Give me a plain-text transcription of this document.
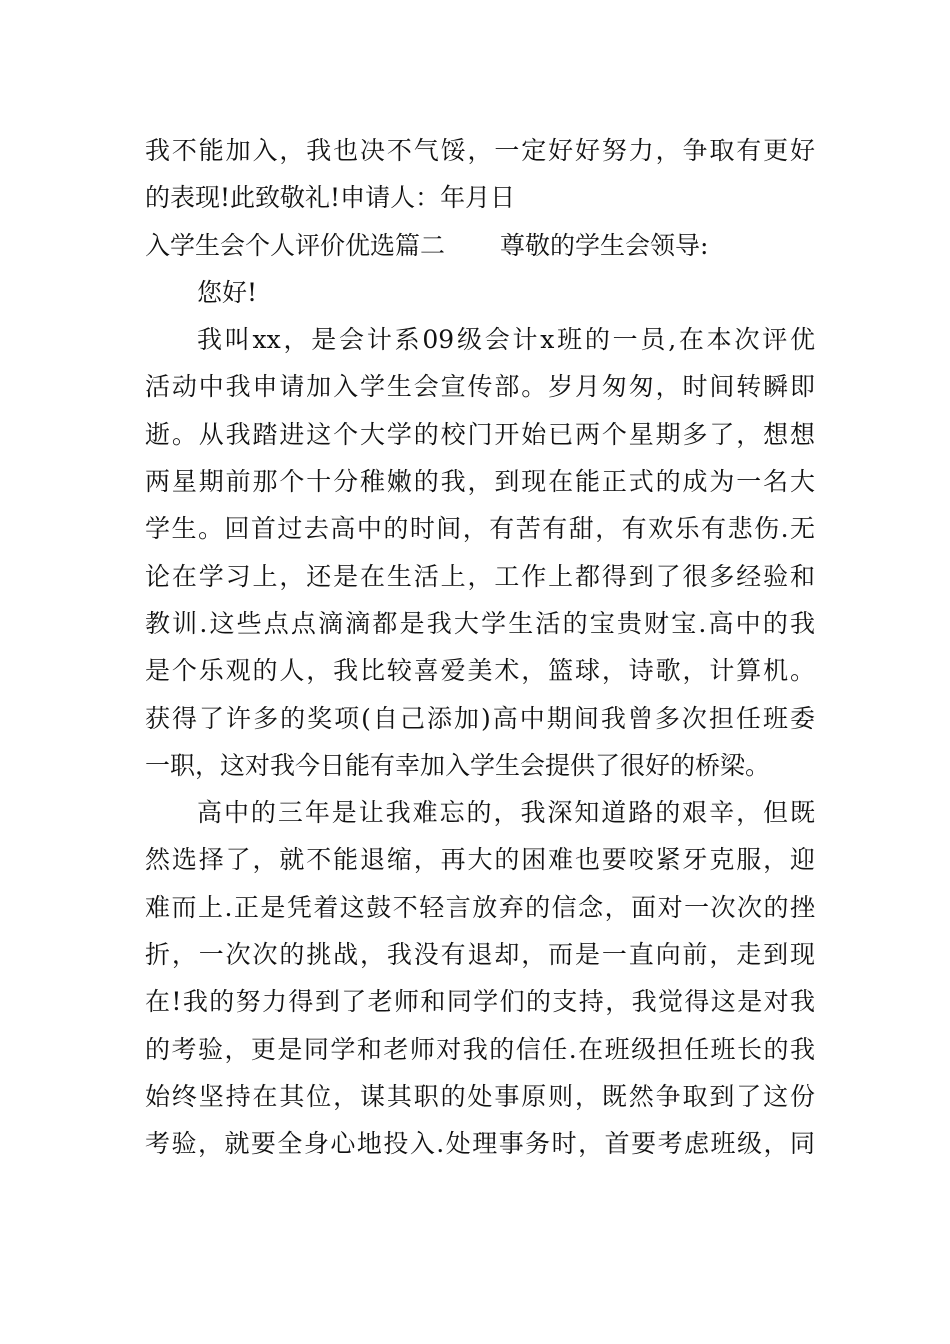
我不能加入，我也决不气馁，一定好好努力，争取有更好
的表现!此致敬礼!申请人：年月日
入学生会个人评价优选篇二	尊敬的学生会领导:
您好!
我叫xx，是会计系09级会计x班的一员,在本次评优
活动中我申请加入学生会宣传部。岁月匆匆，时间转瞬即
逝。从我踏进这个大学的校门开始已两个星期多了，想想
两星期前那个十分稚嫩的我，到现在能正式的成为一名大
学生。回首过去高中的时间，有苦有甜，有欢乐有悲伤.无
论在学习上，还是在生活上，工作上都得到了很多经验和
教训.这些点点滴滴都是我大学生活的宝贵财宝.高中的我
是个乐观的人，我比较喜爱美术，篮球，诗歌，计算机。
获得了许多的奖项(自己添加)高中期间我曾多次担任班委
一职，这对我今日能有幸加入学生会提供了很好的桥梁。
高中的三年是让我难忘的，我深知道路的艰辛，但既
然选择了，就不能退缩，再大的困难也要咬紧牙克服，迎
难而上.正是凭着这鼓不轻言放弃的信念，面对一次次的挫
折，一次次的挑战，我没有退却，而是一直向前，走到现
在!我的努力得到了老师和同学们的支持，我觉得这是对我
的考验，更是同学和老师对我的信任.在班级担任班长的我
始终坚持在其位，谋其职的处事原则，既然争取到了这份
考验，就要全身心地投入.处理事务时，首要考虑班级，同
